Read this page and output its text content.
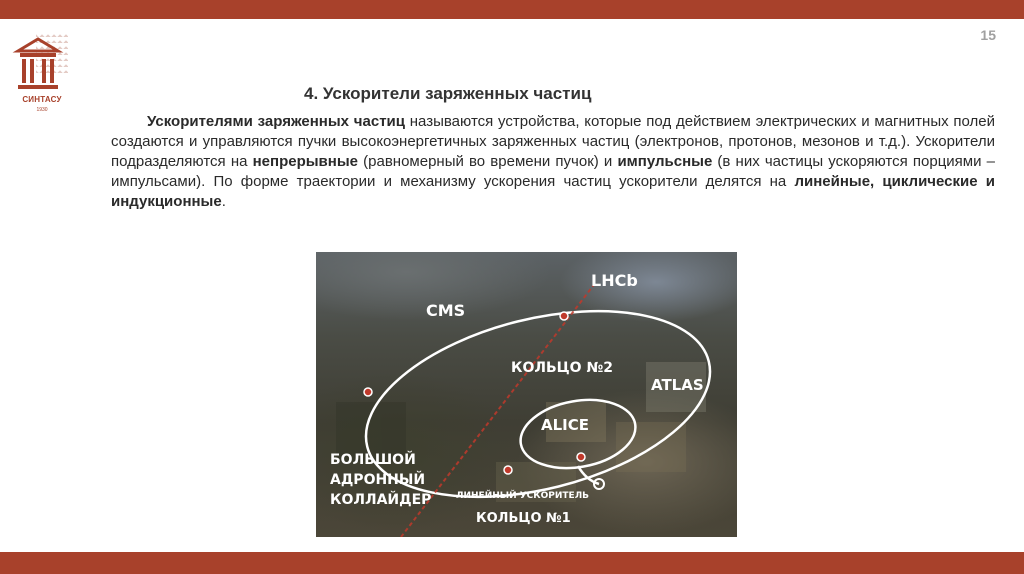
15
СИНТАСУ
1930
4. Ускорители заряженных частиц
Ускорителями заряженных частиц называются устройства, которые под действием электрических и магнитных полей создаются и управляются пучки высокоэнергетичных заряженных частиц (электронов, протонов, мезонов и т.д.). Ускорители подразделяются на непрерывные (равномерный во времени пучок) и импульсные (в них частицы ускоряются порциями – импульсами). По форме траектории и механизму ускорения частиц ускорители делятся на линейные, циклические и индукционные.
LHCb
CMS
КОЛЬЦО №2
ATLAS
ALICE
БОЛЬШОЙ
АДРОННЫЙ
КОЛЛАЙДЕР	ЛИНЕЙНЫЙ УСКОРИТЕЛЬ
КОЛЬЦО №1
